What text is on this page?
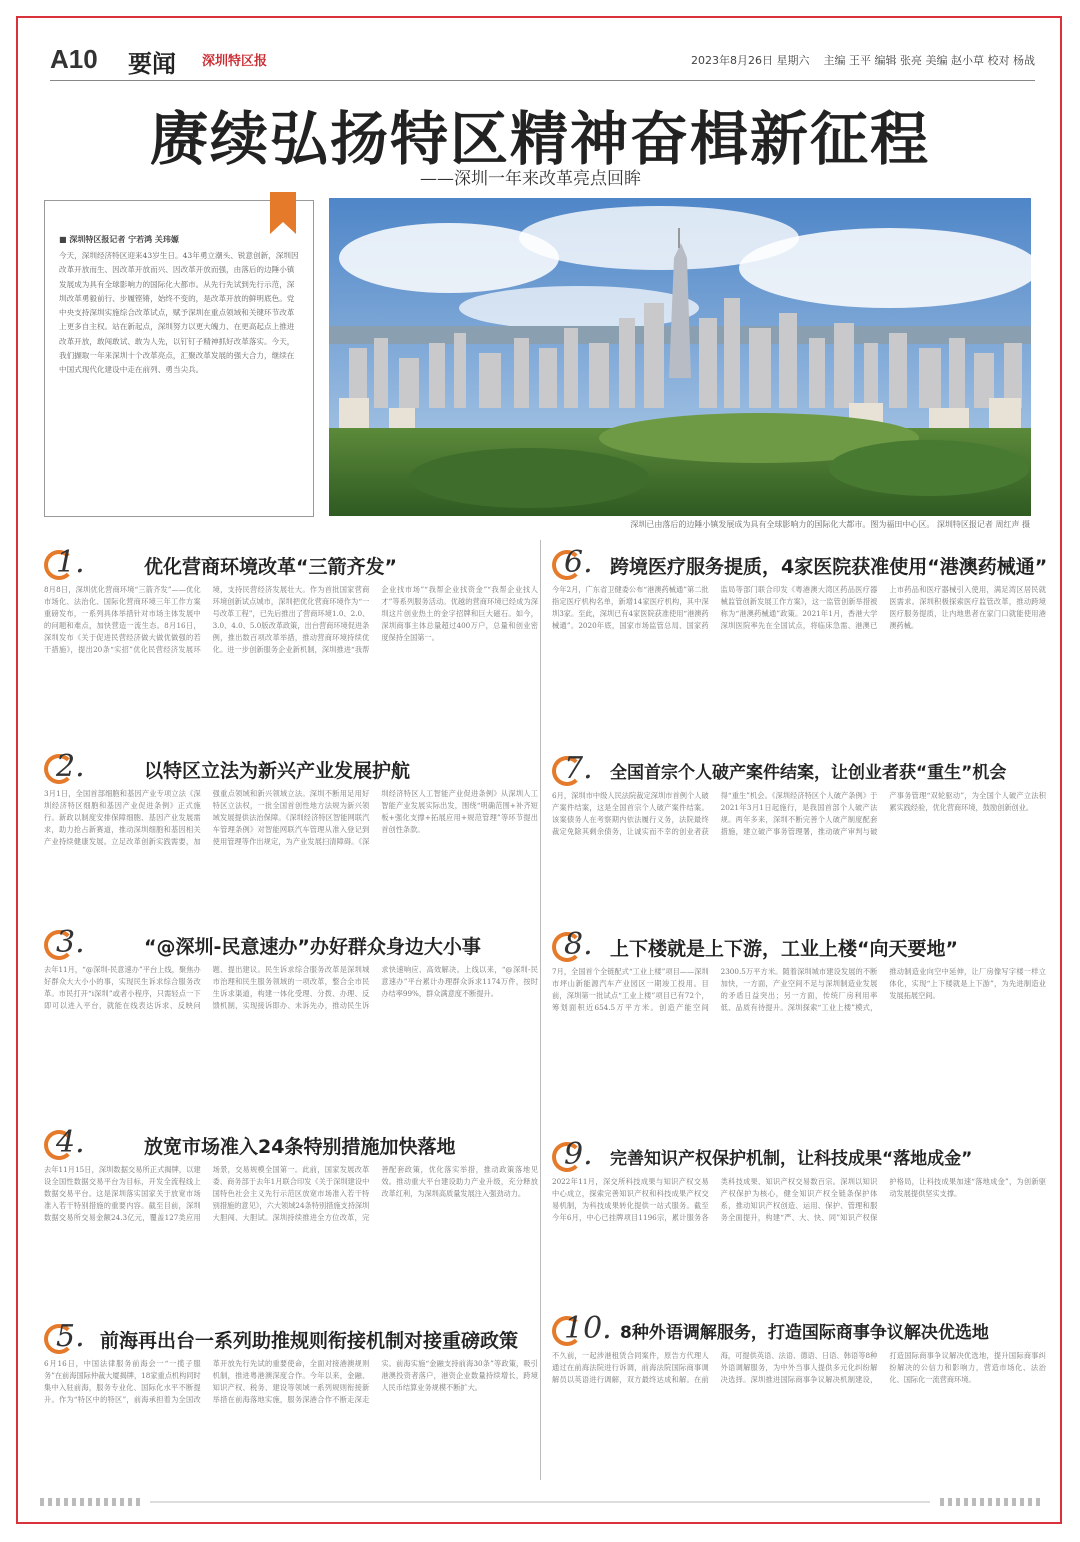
A10 要闻 深圳特区报	2023年8月26日 星期六 主编 王平 编辑 张亮 美编 赵小草 校对 杨战
赓续弘扬特区精神奋楫新征程
——深圳一年来改革亮点回眸
■ 深圳特区报记者 宁若鸿 关玮嫄
今天，深圳经济特区迎来43岁生日。43年勇立潮头、锐意创新，深圳因改革开放而生、因改革开放而兴、因改革开放而强，由落后的边陲小镇发展成为具有全球影响力的国际化大都市。从先行先试到先行示范，深圳改革勇毅前行、步履铿锵，始终不变的，是改革开放的鲜明底色。党中央支持深圳实施综合改革试点，赋予深圳在重点领域和关键环节改革上更多自主权。站在新起点，深圳努力以更大魄力、在更高起点上推进改革开放，敢闯敢试、敢为人先，以钉钉子精神抓好改革落实。今天，我们撷取一年来深圳十个改革亮点，汇聚改革发展的强大合力，继续在中国式现代化建设中走在前列、勇当尖兵。
深圳已由落后的边陲小镇发展成为具有全球影响力的国际化大都市。图为福田中心区。 深圳特区报记者 周红声 摄
1.	优化营商环境改革“三箭齐发”
8月8日，深圳优化营商环境“三箭齐发”——优化市场化、法治化、国际化营商环境三年工作方案重磅发布，一系列具体举措针对市场主体发展中的问题和难点，加快营造一流生态。8月16日，深圳发布《关于促进民营经济做大做优做强的若干措施》，提出20条“实招”优化民营经济发展环境，支持民营经济发展壮大。作为首批国家营商环境创新试点城市，深圳把优化营商环境作为“一号改革工程”，已先后推出了营商环境1.0、2.0、3.0、4.0、5.0版改革政策，出台营商环境促进条例，推出数百项改革举措，推动营商环境持续优化。进一步创新服务企业新机制，深圳推进“我帮企业找市场”“我帮企业找资金”“我帮企业找人才”等系列服务活动。优越的营商环境已经成为深圳这片创业热土的金字招牌和巨大磁石。如今，深圳商事主体总量超过400万户，总量和创业密度保持全国第一。
2.	以特区立法为新兴产业发展护航
3月1日，全国首部细胞和基因产业专项立法《深圳经济特区细胞和基因产业促进条例》正式施行。新政以制度安排保障细胞、基因产业发展需求，助力抢占新赛道，推动深圳细胞和基因相关产业持续健康发展。立足改革创新实践需要，加强重点领域和新兴领域立法。深圳不断用足用好特区立法权，一批全国首创性地方法规为新兴领域发展提供法治保障。《深圳经济特区智能网联汽车管理条例》对智能网联汽车管理从准入登记到使用管理等作出规定，为产业发展扫清障碍。《深圳经济特区人工智能产业促进条例》从深圳人工智能产业发展实际出发，围绕“明确范围+补齐短板+强化支撑+拓展应用+规范管理”等环节提出首创性条款。
3.	“@深圳-民意速办”办好群众身边大小事
去年11月，“@深圳-民意速办”平台上线，聚焦办好群众大大小小的事，实现民生诉求综合服务改革。市民打开“i深圳”或者小程序，只需轻点一下即可以进入平台，就能在线表达诉求、反映问题、提出建议。民生诉求综合服务改革是深圳城市治理和民生服务领域的一项改革，整合全市民生诉求渠道，构建一体化受理、分拨、办理、反馈机制，实现接诉即办、未诉先办，推动民生诉求快速响应、高效解决。上线以来，“@深圳-民意速办”平台累计办理群众诉求1174万件，按时办结率99%，群众满意度不断提升。
4.	放宽市场准入24条特别措施加快落地
去年11月15日，深圳数据交易所正式揭牌，以建设全国性数据交易平台为目标，开发全流程线上数据交易平台。这是深圳落实国家关于放宽市场准入若干特别措施的重要内容。截至目前，深圳数据交易所交易金额24.3亿元，覆盖127类应用场景，交易规模全国第一。此前，国家发展改革委、商务部于去年1月联合印发《关于深圳建设中国特色社会主义先行示范区放宽市场准入若干特别措施的意见》，六大领域24条特别措施支持深圳大胆闯、大胆试。深圳持续推进全方位改革，完善配套政策，优化落实举措，推动政策落地见效。推动重大平台建设助力产业升级，充分释放改革红利，为深圳高质量发展注入强劲动力。
5. 前海再出台一系列助推规则衔接机制对接重磅政策
6月16日，中国法律服务前海会一“一揽子服务”在前海国际仲裁大厦揭牌，18家重点机构同时集中入驻前海，服务专业化、国际化水平不断提升。作为“特区中的特区”，前海承担着为全国改革开放先行先试的重要使命，全面对接港澳规则机制，推进粤港澳深度合作。今年以来，金融、知识产权、税务、建设等领域一系列规则衔接新举措在前海落地实施，服务深港合作不断走深走实。前海实施“金融支持前海30条”等政策，吸引港澳投资者落户，港资企业数量持续增长，跨境人民币结算业务规模不断扩大。
6. 跨境医疗服务提质，4家医院获准使用“港澳药械通”
今年2月，广东省卫健委公布“港澳药械通”第二批指定医疗机构名单，新增14家医疗机构，其中深圳3家。至此，深圳已有4家医院获准使用“港澳药械通”。2020年底，国家市场监管总局、国家药监局等部门联合印发《粤港澳大湾区药品医疗器械监管创新发展工作方案》，这一监管创新举措被称为“港澳药械通”政策。2021年1月，香港大学深圳医院率先在全国试点，将临床急需、港澳已上市药品和医疗器械引入使用，满足湾区居民就医需求。深圳积极探索医疗监管改革，推动跨境医疗服务提质，让内地患者在家门口就能使用港澳药械。
7. 全国首宗个人破产案件结案，让创业者获“重生”机会
6月，深圳市中级人民法院裁定深圳市首例个人破产案件结案，这是全国首宗个人破产案件结案。该案债务人在考察期内依法履行义务，法院最终裁定免除其剩余债务，让诚实而不幸的创业者获得“重生”机会。《深圳经济特区个人破产条例》于2021年3月1日起施行，是我国首部个人破产法规。两年多来，深圳不断完善个人破产制度配套措施，建立破产事务管理署，推动破产审判与破产事务管理“双轮驱动”，为全国个人破产立法积累实践经验，优化营商环境，鼓励创新创业。
8. 上下楼就是上下游，工业上楼“向天要地”
7月，全国首个全链配式“工业上楼”项目——深圳市坪山新能源汽车产业园区一期竣工投用。目前，深圳第一批试点“工业上楼”项目已有72个，筹划面积近654.5万平方米。创造产能空间2300.5万平方米。随着深圳城市建设发展的不断加快，一方面，产业空间不足与深圳制造业发展的矛盾日益突出；另一方面，传统厂房利用率低、品质有待提升。深圳探索“工业上楼”模式，推动制造业向空中延伸，让厂房像写字楼一样立体化，实现“上下楼就是上下游”，为先进制造业发展拓展空间。
9. 完善知识产权保护机制，让科技成果“落地成金”
2022年11月，深交所科技成果与知识产权交易中心成立，探索完善知识产权和科技成果产权交易机制，为科技成果转化提供一站式服务。截至今年6月，中心已挂牌项目1196宗，累计服务各类科技成果、知识产权交易数百宗。深圳以知识产权保护为核心，健全知识产权全链条保护体系，推动知识产权创造、运用、保护、管理和服务全面提升，构建“严、大、快、同”知识产权保护格局，让科技成果加速“落地成金”，为创新驱动发展提供坚实支撑。
10. 8种外语调解服务，打造国际商事争议解决优选地
不久前，一起涉港租赁合同案件，原告方代理人通过在前海法院进行诉调，前海法院国际商事调解员以英语进行调解，双方最终达成和解。在前海，可提供英语、法语、德语、日语、韩语等8种外语调解服务，为中外当事人提供多元化纠纷解决选择。深圳推进国际商事争议解决机制建设，打造国际商事争议解决优选地，提升国际商事纠纷解决的公信力和影响力，营造市场化、法治化、国际化一流营商环境。
